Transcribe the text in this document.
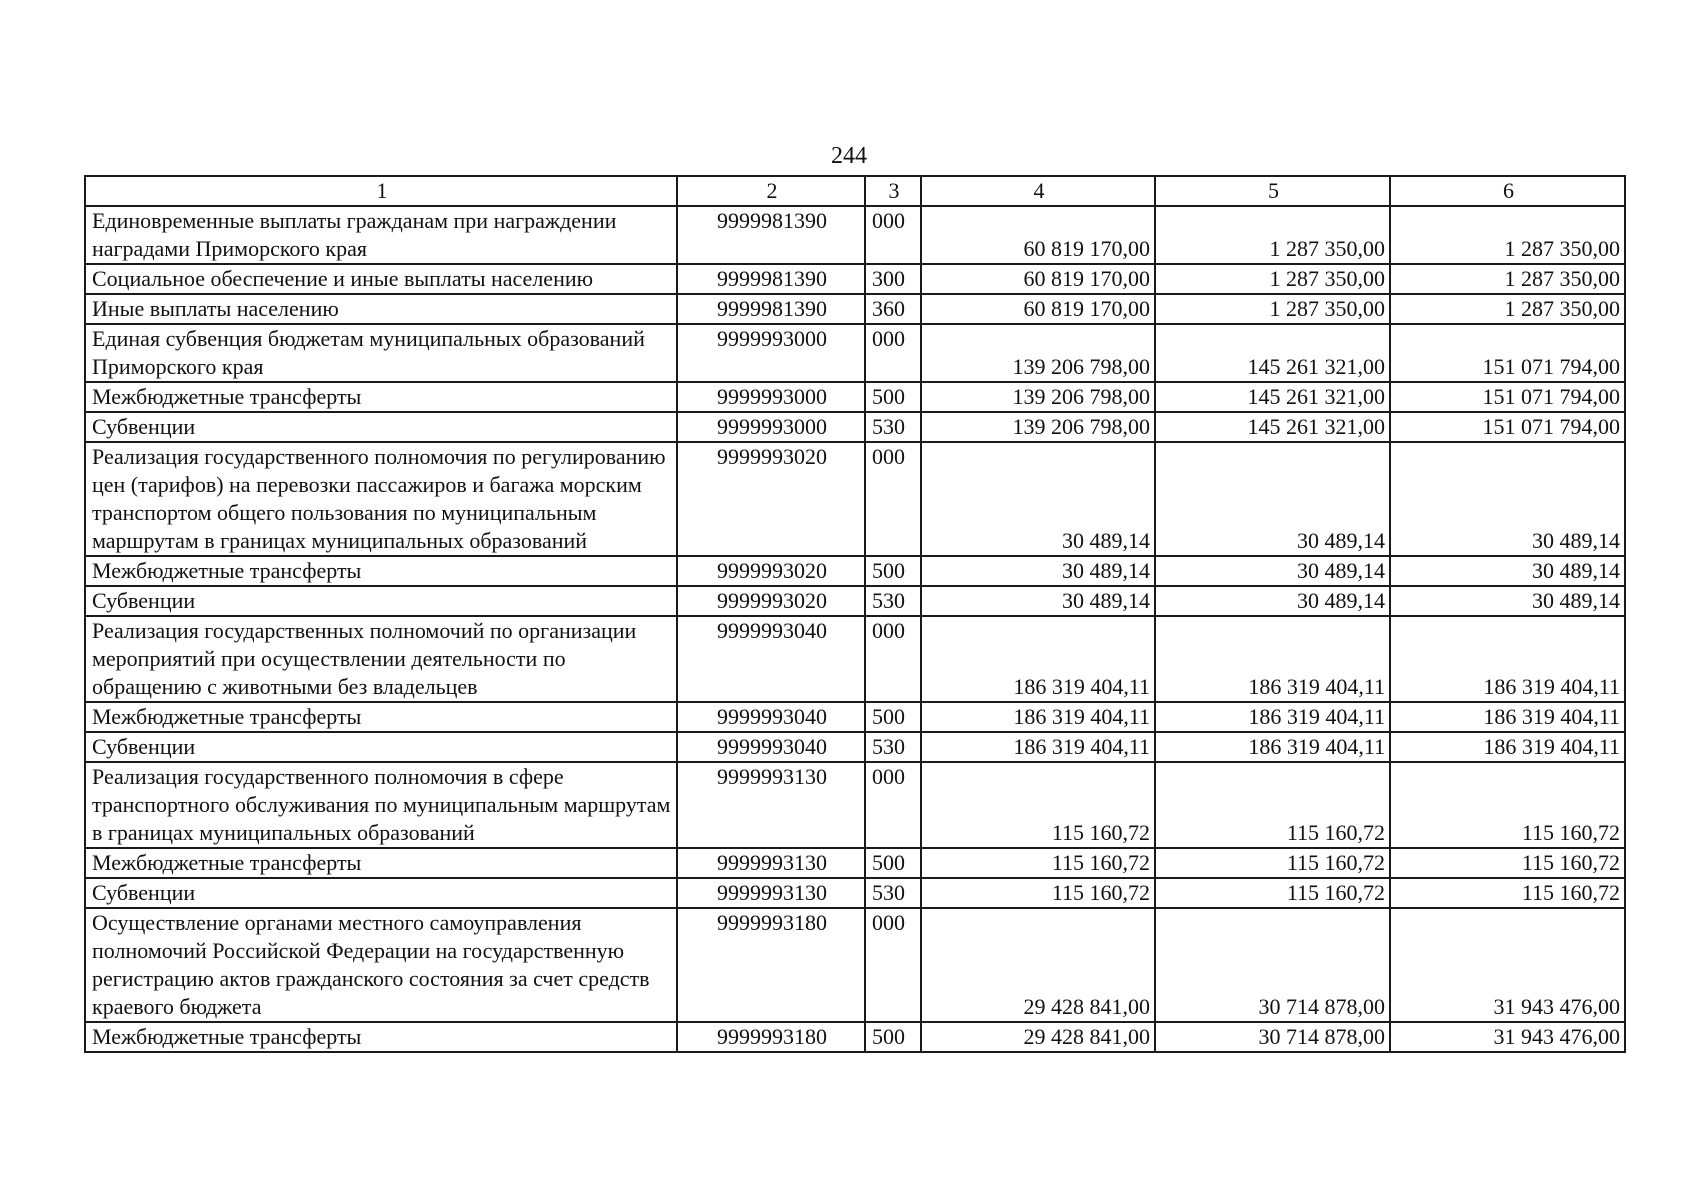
244
1	2	3	4	5	6
Единовременные выплаты гражданам при награждении наградами Приморского края	9999981390	000	60 819 170,00	1 287 350,00	1 287 350,00
Социальное обеспечение и иные выплаты населению	9999981390	300	60 819 170,00	1 287 350,00	1 287 350,00
Иные выплаты населению	9999981390	360	60 819 170,00	1 287 350,00	1 287 350,00
Единая субвенция бюджетам муниципальных образований Приморского края	9999993000	000	139 206 798,00	145 261 321,00	151 071 794,00
Межбюджетные трансферты	9999993000	500	139 206 798,00	145 261 321,00	151 071 794,00
Субвенции	9999993000	530	139 206 798,00	145 261 321,00	151 071 794,00
Реализация государственного полномочия по регулированию цен (тарифов) на перевозки пассажиров и багажа морским транспортом общего пользования по муниципальным маршрутам в границах муниципальных образований	9999993020	000	30 489,14	30 489,14	30 489,14
Межбюджетные трансферты	9999993020	500	30 489,14	30 489,14	30 489,14
Субвенции	9999993020	530	30 489,14	30 489,14	30 489,14
Реализация государственных полномочий по организации мероприятий при осуществлении деятельности по обращению с животными без владельцев	9999993040	000	186 319 404,11	186 319 404,11	186 319 404,11
Межбюджетные трансферты	9999993040	500	186 319 404,11	186 319 404,11	186 319 404,11
Субвенции	9999993040	530	186 319 404,11	186 319 404,11	186 319 404,11
Реализация государственного полномочия в сфере транспортного обслуживания по муниципальным маршрутам в границах муниципальных образований	9999993130	000	115 160,72	115 160,72	115 160,72
Межбюджетные трансферты	9999993130	500	115 160,72	115 160,72	115 160,72
Субвенции	9999993130	530	115 160,72	115 160,72	115 160,72
Осуществление органами местного самоуправления полномочий Российской Федерации на государственную регистрацию актов гражданского состояния за счет средств краевого бюджета	9999993180	000	29 428 841,00	30 714 878,00	31 943 476,00
Межбюджетные трансферты	9999993180	500	29 428 841,00	30 714 878,00	31 943 476,00
